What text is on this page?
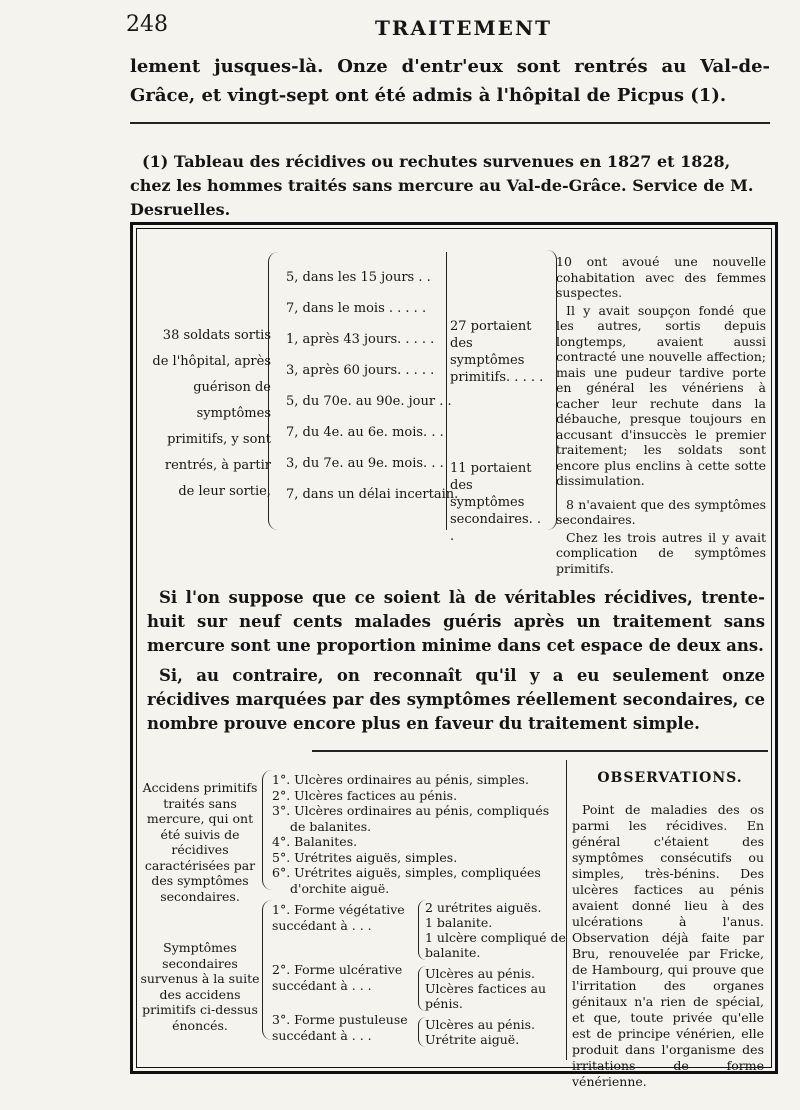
248	TRAITEMENT
lement jusques-là. Onze d'entr'eux sont rentrés au Val-de-Grâce, et vingt-sept ont été admis à l'hôpital de Picpus (1).
(1) Tableau des récidives ou rechutes survenues en 1827 et 1828, chez les hommes traités sans mercure au Val-de-Grâce. Service de M. Desruelles.
38 soldats sortis de l'hôpital, après guérison de symptômes primitifs, y sont rentrés, à partir de leur sortie,
5, dans les 15 jours . .
7, dans le mois . . . . .
1, après 43 jours. . . . .
3, après 60 jours. . . . .
5, du 70e. au 90e. jour . .
7, du 4e. au 6e. mois. . .
3, du 7e. au 9e. mois. . .
7, dans un délai incertain.
27 portaient des symptômes primitifs. . . . .
11 portaient des symptômes secondaires. . .

10 ont avoué une nouvelle cohabitation avec des femmes suspectes.

Il y avait soupçon fondé que les autres, sortis depuis longtemps, avaient aussi contracté une nouvelle affection; mais une pudeur tardive porte en général les vénériens à cacher leur rechute dans la débauche, presque toujours en accusant d'insuccès le premier traitement; les soldats sont encore plus enclins à cette sotte dissimulation.

8 n'avaient que des symptômes secondaires.

Chez les trois autres il y avait complication de symptômes primitifs.

Si l'on suppose que ce soient là de véritables récidives, trente-huit sur neuf cents malades guéris après un traitement sans mercure sont une proportion minime dans cet espace de deux ans.

Si, au contraire, on reconnaît qu'il y a eu seulement onze récidives marquées par des symptômes réellement secondaires, ce nombre prouve encore plus en faveur du traitement simple.

Accidens primitifs traités sans mercure, qui ont été suivis de récidives caractérisées par des symptômes secondaires.
1°. Ulcères ordinaires au pénis, simples.
2°. Ulcères factices au pénis.
3°. Ulcères ordinaires au pénis, compliqués de balanites.
4°. Balanites.
5°. Urétrites aiguës, simples.
6°. Urétrites aiguës, simples, compliquées d'orchite aiguë.
Symptômes secondaires survenus à la suite des accidens primitifs ci-dessus énoncés.
1°. Forme végétative succédant à . . .
2°. Forme ulcérative succédant à . . .
3°. Forme pustuleuse succédant à . . .
2 urétrites aiguës.
1 balanite.
1 ulcère compliqué de balanite.
Ulcères au pénis.
Ulcères factices au pénis.
Ulcères au pénis.
Urétrite aiguë.
OBSERVATIONS.

Point de maladies des os parmi les récidives. En général c'étaient des symptômes consécutifs ou simples, très-bénins. Des ulcères factices au pénis avaient donné lieu à des ulcérations à l'anus. Observation déjà faite par Bru, renouvelée par Fricke, de Hambourg, qui prouve que l'irritation des organes génitaux n'a rien de spécial, et que, toute privée qu'elle est de principe vénérien, elle produit dans l'organisme des irritations de forme vénérienne.
